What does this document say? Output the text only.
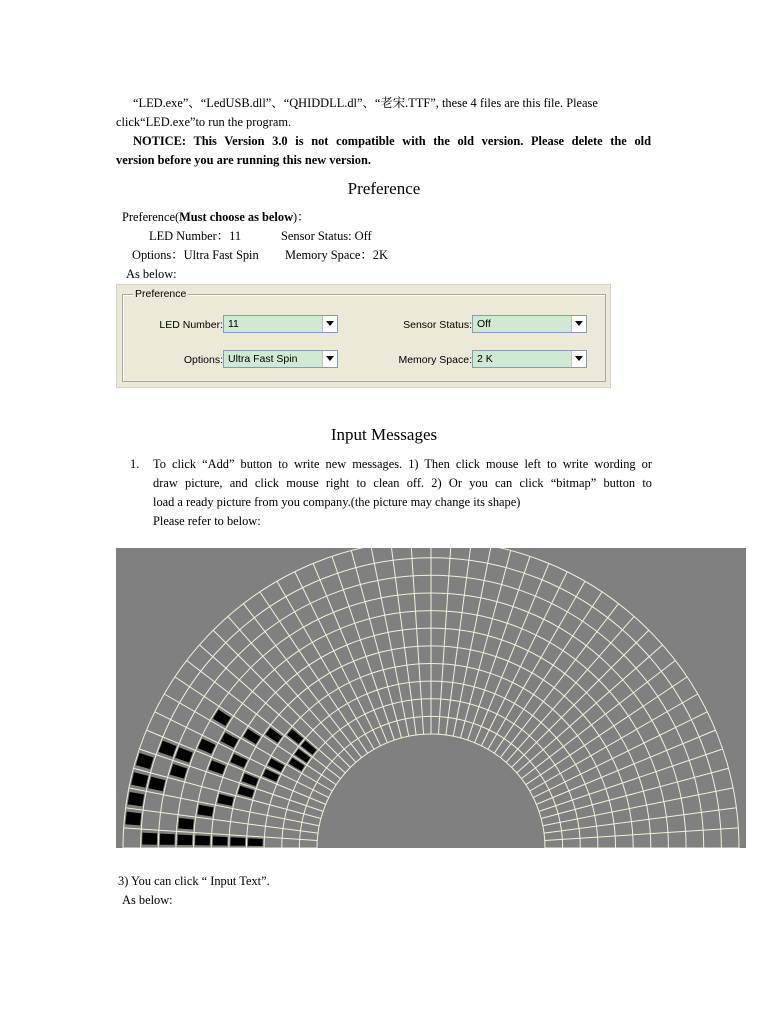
“LED.exe”、“LedUSB.dll”、“QHIDDLL.dl”、“老宋.TTF”, these 4 files are this file. Please
click“LED.exe”to run the program.
NOTICE: This Version 3.0 is not compatible with the old version. Please delete the old
version before you are running this new version.
Preference
Preference(Must choose as below)：
LED Number：11	Sensor Status: Off
Options：Ultra Fast Spin Memory Space：2K
As below:
Preference
LED Number: 11
Options: Ultra Fast Spin
Sensor Status: Off
Memory Space: 2 K
Input Messages
1. To click “Add” button to write new messages. 1) Then click mouse left to write wording or
draw picture, and click mouse right to clean off. 2) Or you can click “bitmap” button to
load a ready picture from you company.(the picture may change its shape)
Please refer to below:
3) You can click “ Input Text”.
As below:
